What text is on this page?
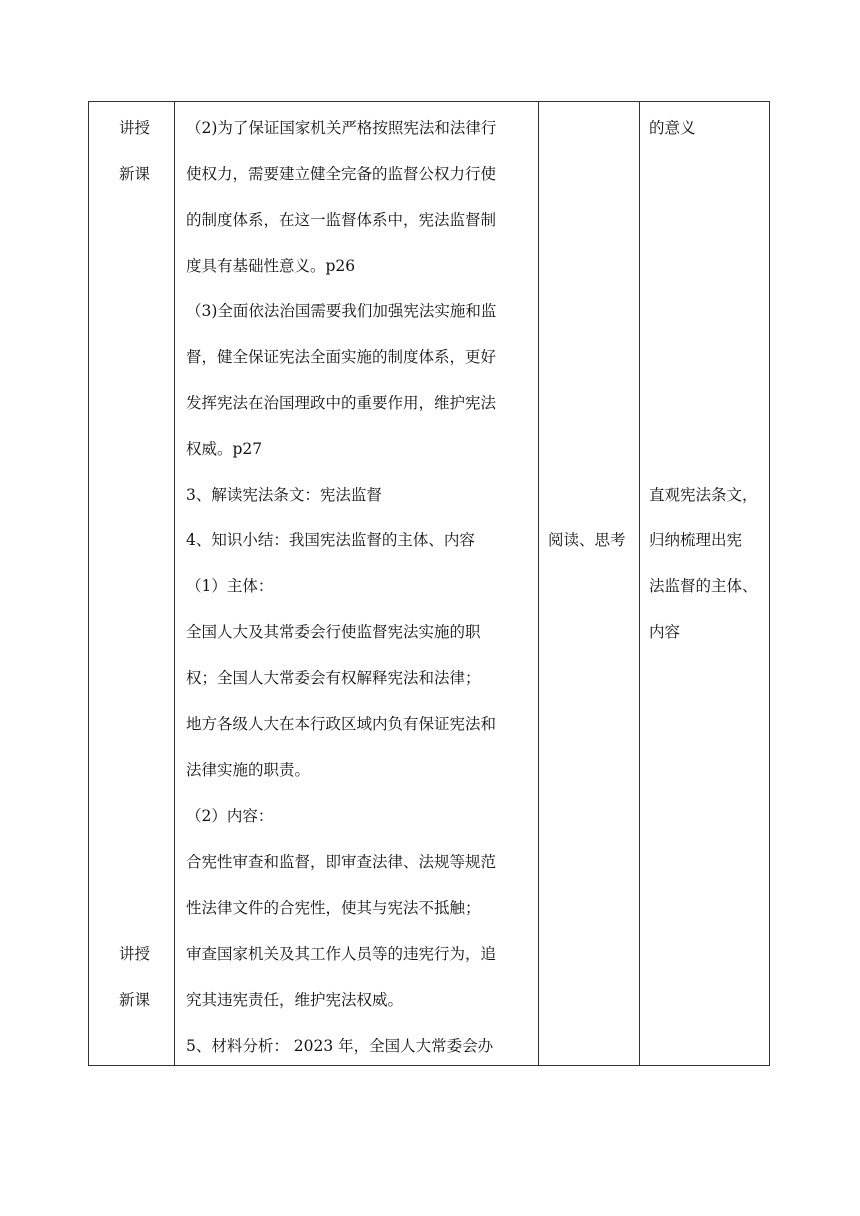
讲授
新课
讲授
新课
（2)为了保证国家机关严格按照宪法和法律行
使权力，需要建立健全完备的监督公权力行使
的制度体系，在这一监督体系中，宪法监督制
度具有基础性意义。p26
（3)全面依法治国需要我们加强宪法实施和监
督，健全保证宪法全面实施的制度体系，更好
发挥宪法在治国理政中的重要作用，维护宪法
权威。p27
3、解读宪法条文：宪法监督
4、知识小结：我国宪法监督的主体、内容
（1）主体：
全国人大及其常委会行使监督宪法实施的职
权；全国人大常委会有权解释宪法和法律；
地方各级人大在本行政区域内负有保证宪法和
法律实施的职责。
（2）内容：
合宪性审查和监督，即审查法律、法规等规范
性法律文件的合宪性，使其与宪法不抵触；
审查国家机关及其工作人员等的违宪行为，追
究其违宪责任，维护宪法权威。
5、材料分析： 2023 年，全国人大常委会办
阅读、思考
的意义
直观宪法条文，
归纳梳理出宪
法监督的主体、
内容
